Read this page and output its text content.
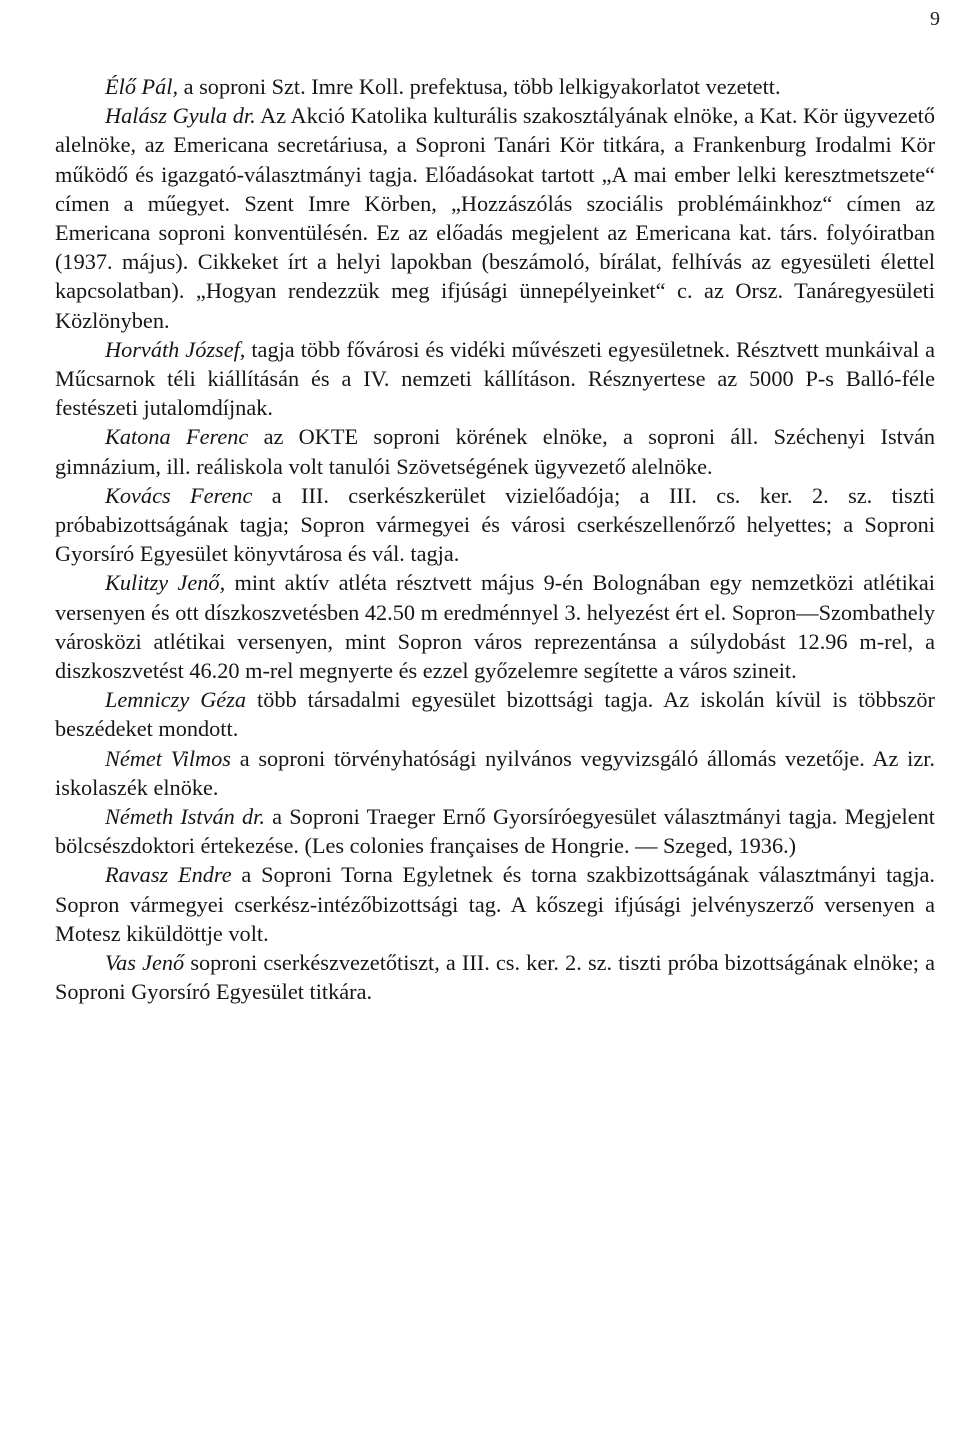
9

Élő Pál, a soproni Szt. Imre Koll. prefektusa, több lelkigyakorlatot vezetett.

Halász Gyula dr. Az Akció Katolika kulturális szakosztályának elnöke, a Kat. Kör ügyvezető alelnöke, az Emericana secretáriusa, a Soproni Tanári Kör titkára, a Frankenburg Irodalmi Kör működő és igazgató-választmányi tagja. Előadásokat tartott „A mai ember lelki keresztmetszete“ címen a műegyet. Szent Imre Körben, „Hozzászólás szociális problémáinkhoz“ címen az Emericana soproni konventülésén. Ez az előadás megjelent az Emericana kat. társ. folyóiratban (1937. május). Cikkeket írt a helyi lapokban (beszámoló, bírálat, felhívás az egyesületi élettel kapcsolatban). „Hogyan rendezzük meg ifjúsági ünnepélyeinket“ c. az Orsz. Tanáregyesületi Közlönyben.

Horváth József, tagja több fővárosi és vidéki művészeti egyesületnek. Résztvett munkáival a Műcsarnok téli kiállításán és a IV. nemzeti kállításon. Résznyertese az 5000 P-s Balló-féle festészeti jutalomdíjnak.

Katona Ferenc az OKTE soproni körének elnöke, a soproni áll. Széchenyi István gimnázium, ill. reáliskola volt tanulói Szövetségének ügyvezető alelnöke.

Kovács Ferenc a III. cserkészkerület vizielőadója; a III. cs. ker. 2. sz. tiszti próbabizottságának tagja; Sopron vármegyei és városi cserkészellenőrző helyettes; a Soproni Gyorsíró Egyesület könyvtárosa és vál. tagja.

Kulitzy Jenő, mint aktív atléta résztvett május 9-én Bolognában egy nemzetközi atlétikai versenyen és ott díszkoszvetésben 42.50 m eredménnyel 3. helyezést ért el. Sopron—Szombathely városközi atlétikai versenyen, mint Sopron város reprezentánsa a súlydobást 12.96 m-rel, a diszkoszvetést 46.20 m-rel megnyerte és ezzel győzelemre segítette a város szineit.

Lemniczy Géza több társadalmi egyesület bizottsági tagja. Az iskolán kívül is többször beszédeket mondott.

Német Vilmos a soproni törvényhatósági nyilvános vegyvizsgáló állomás vezetője. Az izr. iskolaszék elnöke.

Németh István dr. a Soproni Traeger Ernő Gyorsíróegyesület választmányi tagja. Megjelent bölcsészdoktori értekezése. (Les colonies françaises de Hongrie. — Szeged, 1936.)

Ravasz Endre a Soproni Torna Egyletnek és torna szakbizottságának választmányi tagja. Sopron vármegyei cserkész-intézőbizottsági tag. A kőszegi ifjúsági jelvényszerző versenyen a Motesz kiküldöttje volt.

Vas Jenő soproni cserkészvezetőtiszt, a III. cs. ker. 2. sz. tiszti próba bizottságának elnöke; a Soproni Gyorsíró Egyesület titkára.
